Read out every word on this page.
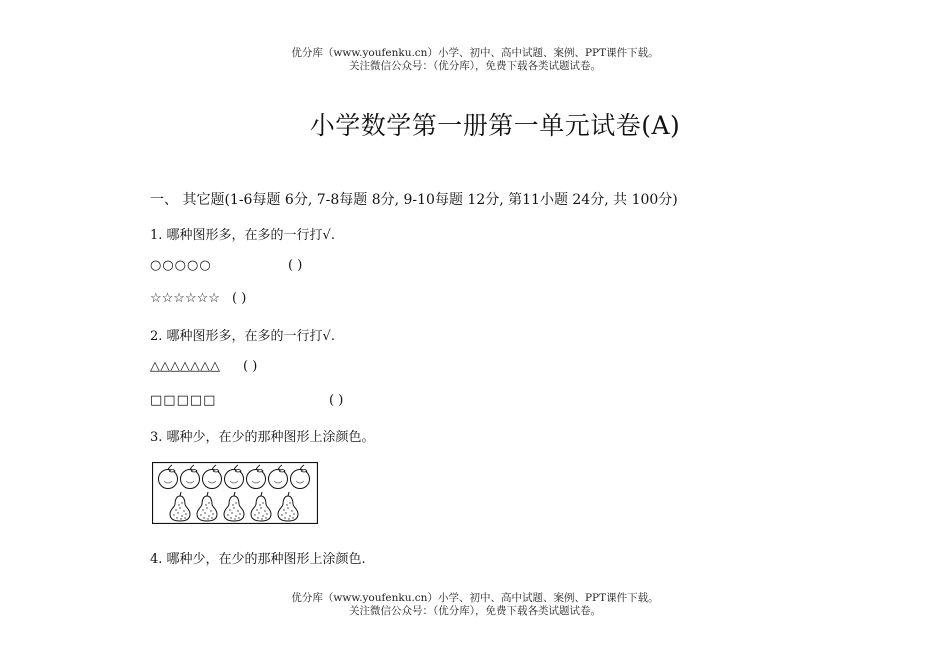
优分库（www.youfenku.cn）小学、初中、高中试题、案例、PPT课件下载。
关注微信公众号：（优分库），免费下载各类试题试卷。
小学数学第一册第一单元试卷(A)
一、 其它题(1-6每题 6分, 7-8每题 8分, 9-10每题 12分, 第11小题 24分, 共 100分)
1. 哪种图形多，在多的一行打√.
○○○○○	( )
☆☆☆☆☆☆ ( )
2. 哪种图形多，在多的一行打√.
△△△△△△△ ( )
□□□□□	( )
3. 哪种少，在少的那种图形上涂颜色。
4. 哪种少，在少的那种图形上涂颜色.
优分库（www.youfenku.cn）小学、初中、高中试题、案例、PPT课件下载。
关注微信公众号：（优分库），免费下载各类试题试卷。
